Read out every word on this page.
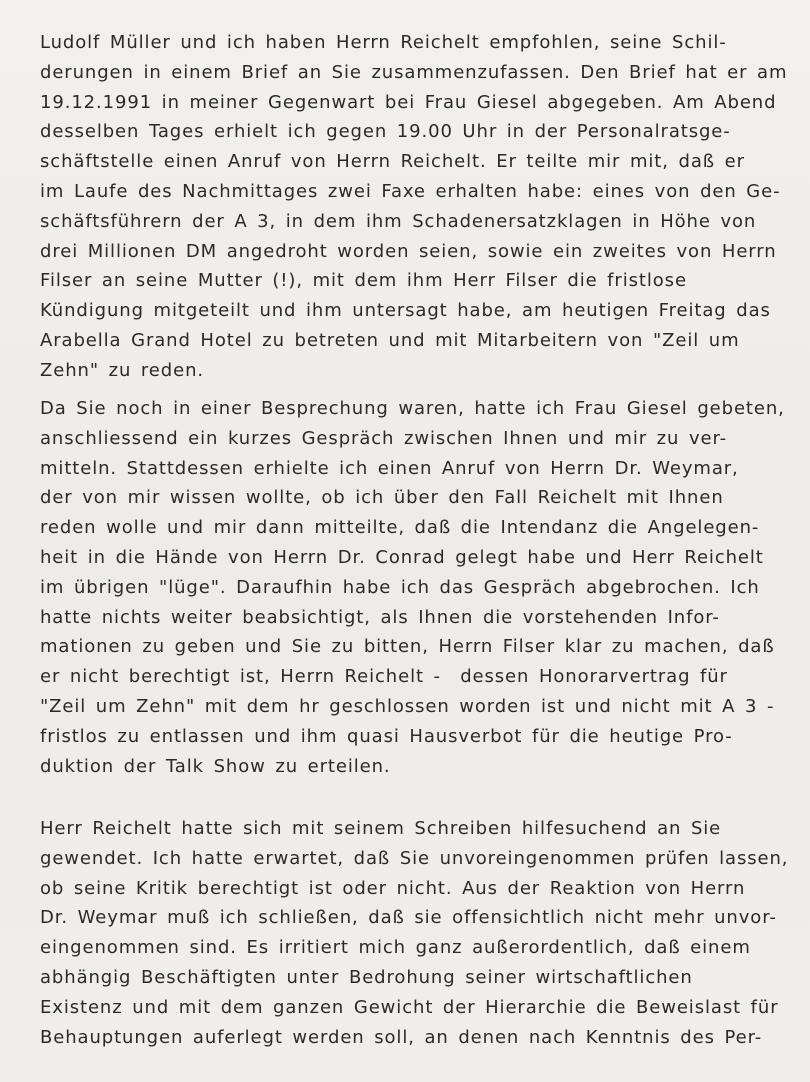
Ludolf Müller und ich haben Herrn Reichelt empfohlen, seine Schil-
derungen in einem Brief an Sie zusammenzufassen. Den Brief hat er am
19.12.1991 in meiner Gegenwart bei Frau Giesel abgegeben. Am Abend
desselben Tages erhielt ich gegen 19.00 Uhr in der Personalratsge-
schäftstelle einen Anruf von Herrn Reichelt. Er teilte mir mit, daß er
im Laufe des Nachmittages zwei Faxe erhalten habe: eines von den Ge-
schäftsführern der A 3, in dem ihm Schadenersatzklagen in Höhe von
drei Millionen DM angedroht worden seien, sowie ein zweites von Herrn
Filser an seine Mutter (!), mit dem ihm Herr Filser die fristlose
Kündigung mitgeteilt und ihm untersagt habe, am heutigen Freitag das
Arabella Grand Hotel zu betreten und mit Mitarbeitern von "Zeil um
Zehn" zu reden.

Da Sie noch in einer Besprechung waren, hatte ich Frau Giesel gebeten,
anschliessend ein kurzes Gespräch zwischen Ihnen und mir zu ver-
mitteln. Stattdessen erhielte ich einen Anruf von Herrn Dr. Weymar,
der von mir wissen wollte, ob ich über den Fall Reichelt mit Ihnen
reden wolle und mir dann mitteilte, daß die Intendanz die Angelegen-
heit in die Hände von Herrn Dr. Conrad gelegt habe und Herr Reichelt
im übrigen "lüge". Daraufhin habe ich das Gespräch abgebrochen. Ich
hatte nichts weiter beabsichtigt, als Ihnen die vorstehenden Infor-
mationen zu geben und Sie zu bitten, Herrn Filser klar zu machen, daß
er nicht berechtigt ist, Herrn Reichelt -  dessen Honorarvertrag für
"Zeil um Zehn" mit dem hr geschlossen worden ist und nicht mit A 3 -
fristlos zu entlassen und ihm quasi Hausverbot für die heutige Pro-
duktion der Talk Show zu erteilen.

Herr Reichelt hatte sich mit seinem Schreiben hilfesuchend an Sie
gewendet. Ich hatte erwartet, daß Sie unvoreingenommen prüfen lassen,
ob seine Kritik berechtigt ist oder nicht. Aus der Reaktion von Herrn
Dr. Weymar muß ich schließen, daß sie offensichtlich nicht mehr unvor-
eingenommen sind. Es irritiert mich ganz außerordentlich, daß einem
abhängig Beschäftigten unter Bedrohung seiner wirtschaftlichen
Existenz und mit dem ganzen Gewicht der Hierarchie die Beweislast für
Behauptungen auferlegt werden soll, an denen nach Kenntnis des Per-
